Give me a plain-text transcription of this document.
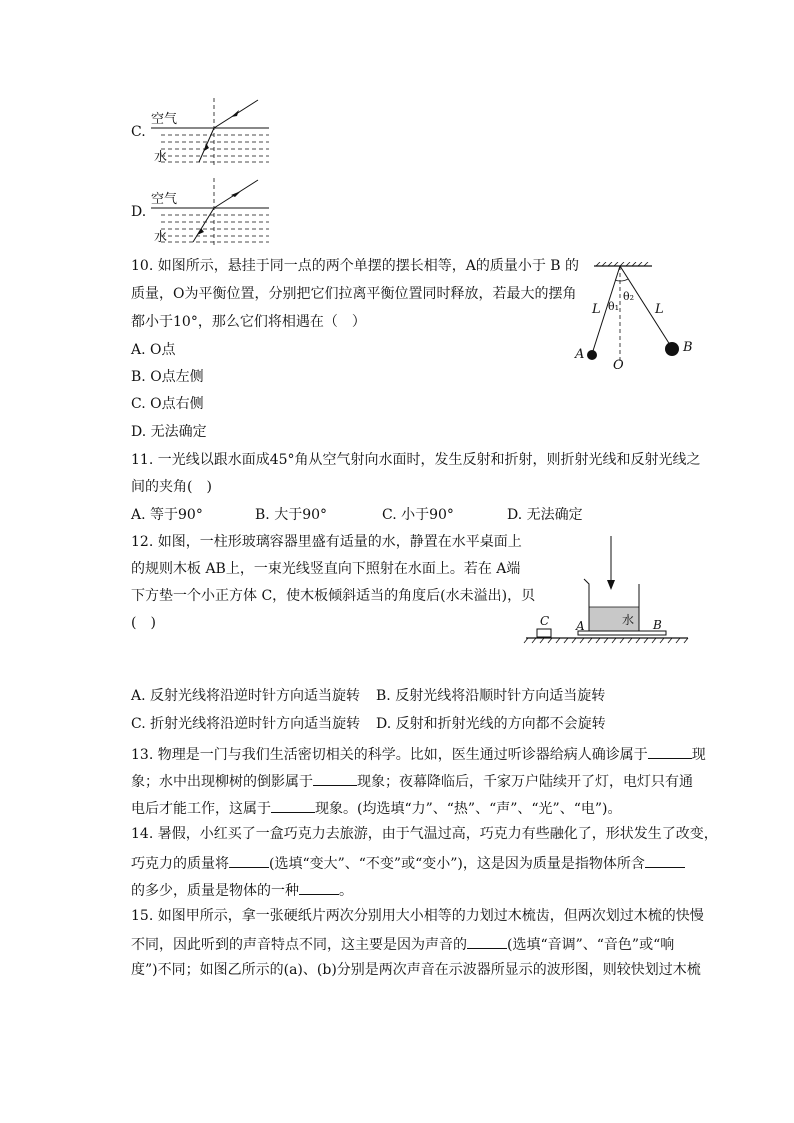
C.
空气
水
D.
空气
水
10. 如图所示，悬挂于同一点的两个单摆的摆长相等，A的质量小于 B 的
质量，O为平衡位置，分别把它们拉离平衡位置同时释放，若最大的摆角
都小于10°，那么它们将相遇在（　）
A. O点
B. O点左侧
C. O点右侧
D. 无法确定
L	L
θ₁
θ₂
A	B
O
11. 一光线以跟水面成45°角从空气射向水面时，发生反射和折射，则折射光线和反射光线之
间的夹角(　)
A. 等于90°	B. 大于90°	C. 小于90°	D. 无法确定
12. 如图，一柱形玻璃容器里盛有适量的水，静置在水平桌面上
的规则木板 AB上，一束光线竖直向下照射在水面上。若在 A端
下方垫一个小正方体 C，使木板倾斜适当的角度后(水未溢出)，贝
(　)	水
C A	B
A. 反射光线将沿逆时针方向适当旋转 B. 反射光线将沿顺时针方向适当旋转
C. 折射光线将沿逆时针方向适当旋转 D. 反射和折射光线的方向都不会旋转
13. 物理是一门与我们生活密切相关的科学。比如，医生通过听诊器给病人确诊属于	现
象；水中出现柳树的倒影属于	现象；夜幕降临后，千家万户陆续开了灯，电灯只有通
电后才能工作，这属于	现象。(均选填“力”、“热”、“声”、“光”、“电”)。
14. 暑假，小红买了一盒巧克力去旅游，由于气温过高，巧克力有些融化了，形状发生了改变，
巧克力的质量将	(选填“变大”、“不变”或“变小”)，这是因为质量是指物体所含
的多少，质量是物体的一种	。
15. 如图甲所示，拿一张硬纸片两次分别用大小相等的力划过木梳齿，但两次划过木梳的快慢
不同，因此听到的声音特点不同，这主要是因为声音的	(选填“音调”、“音色”或“响
度”)不同；如图乙所示的(a)、(b)分别是两次声音在示波器所显示的波形图，则较快划过木梳
